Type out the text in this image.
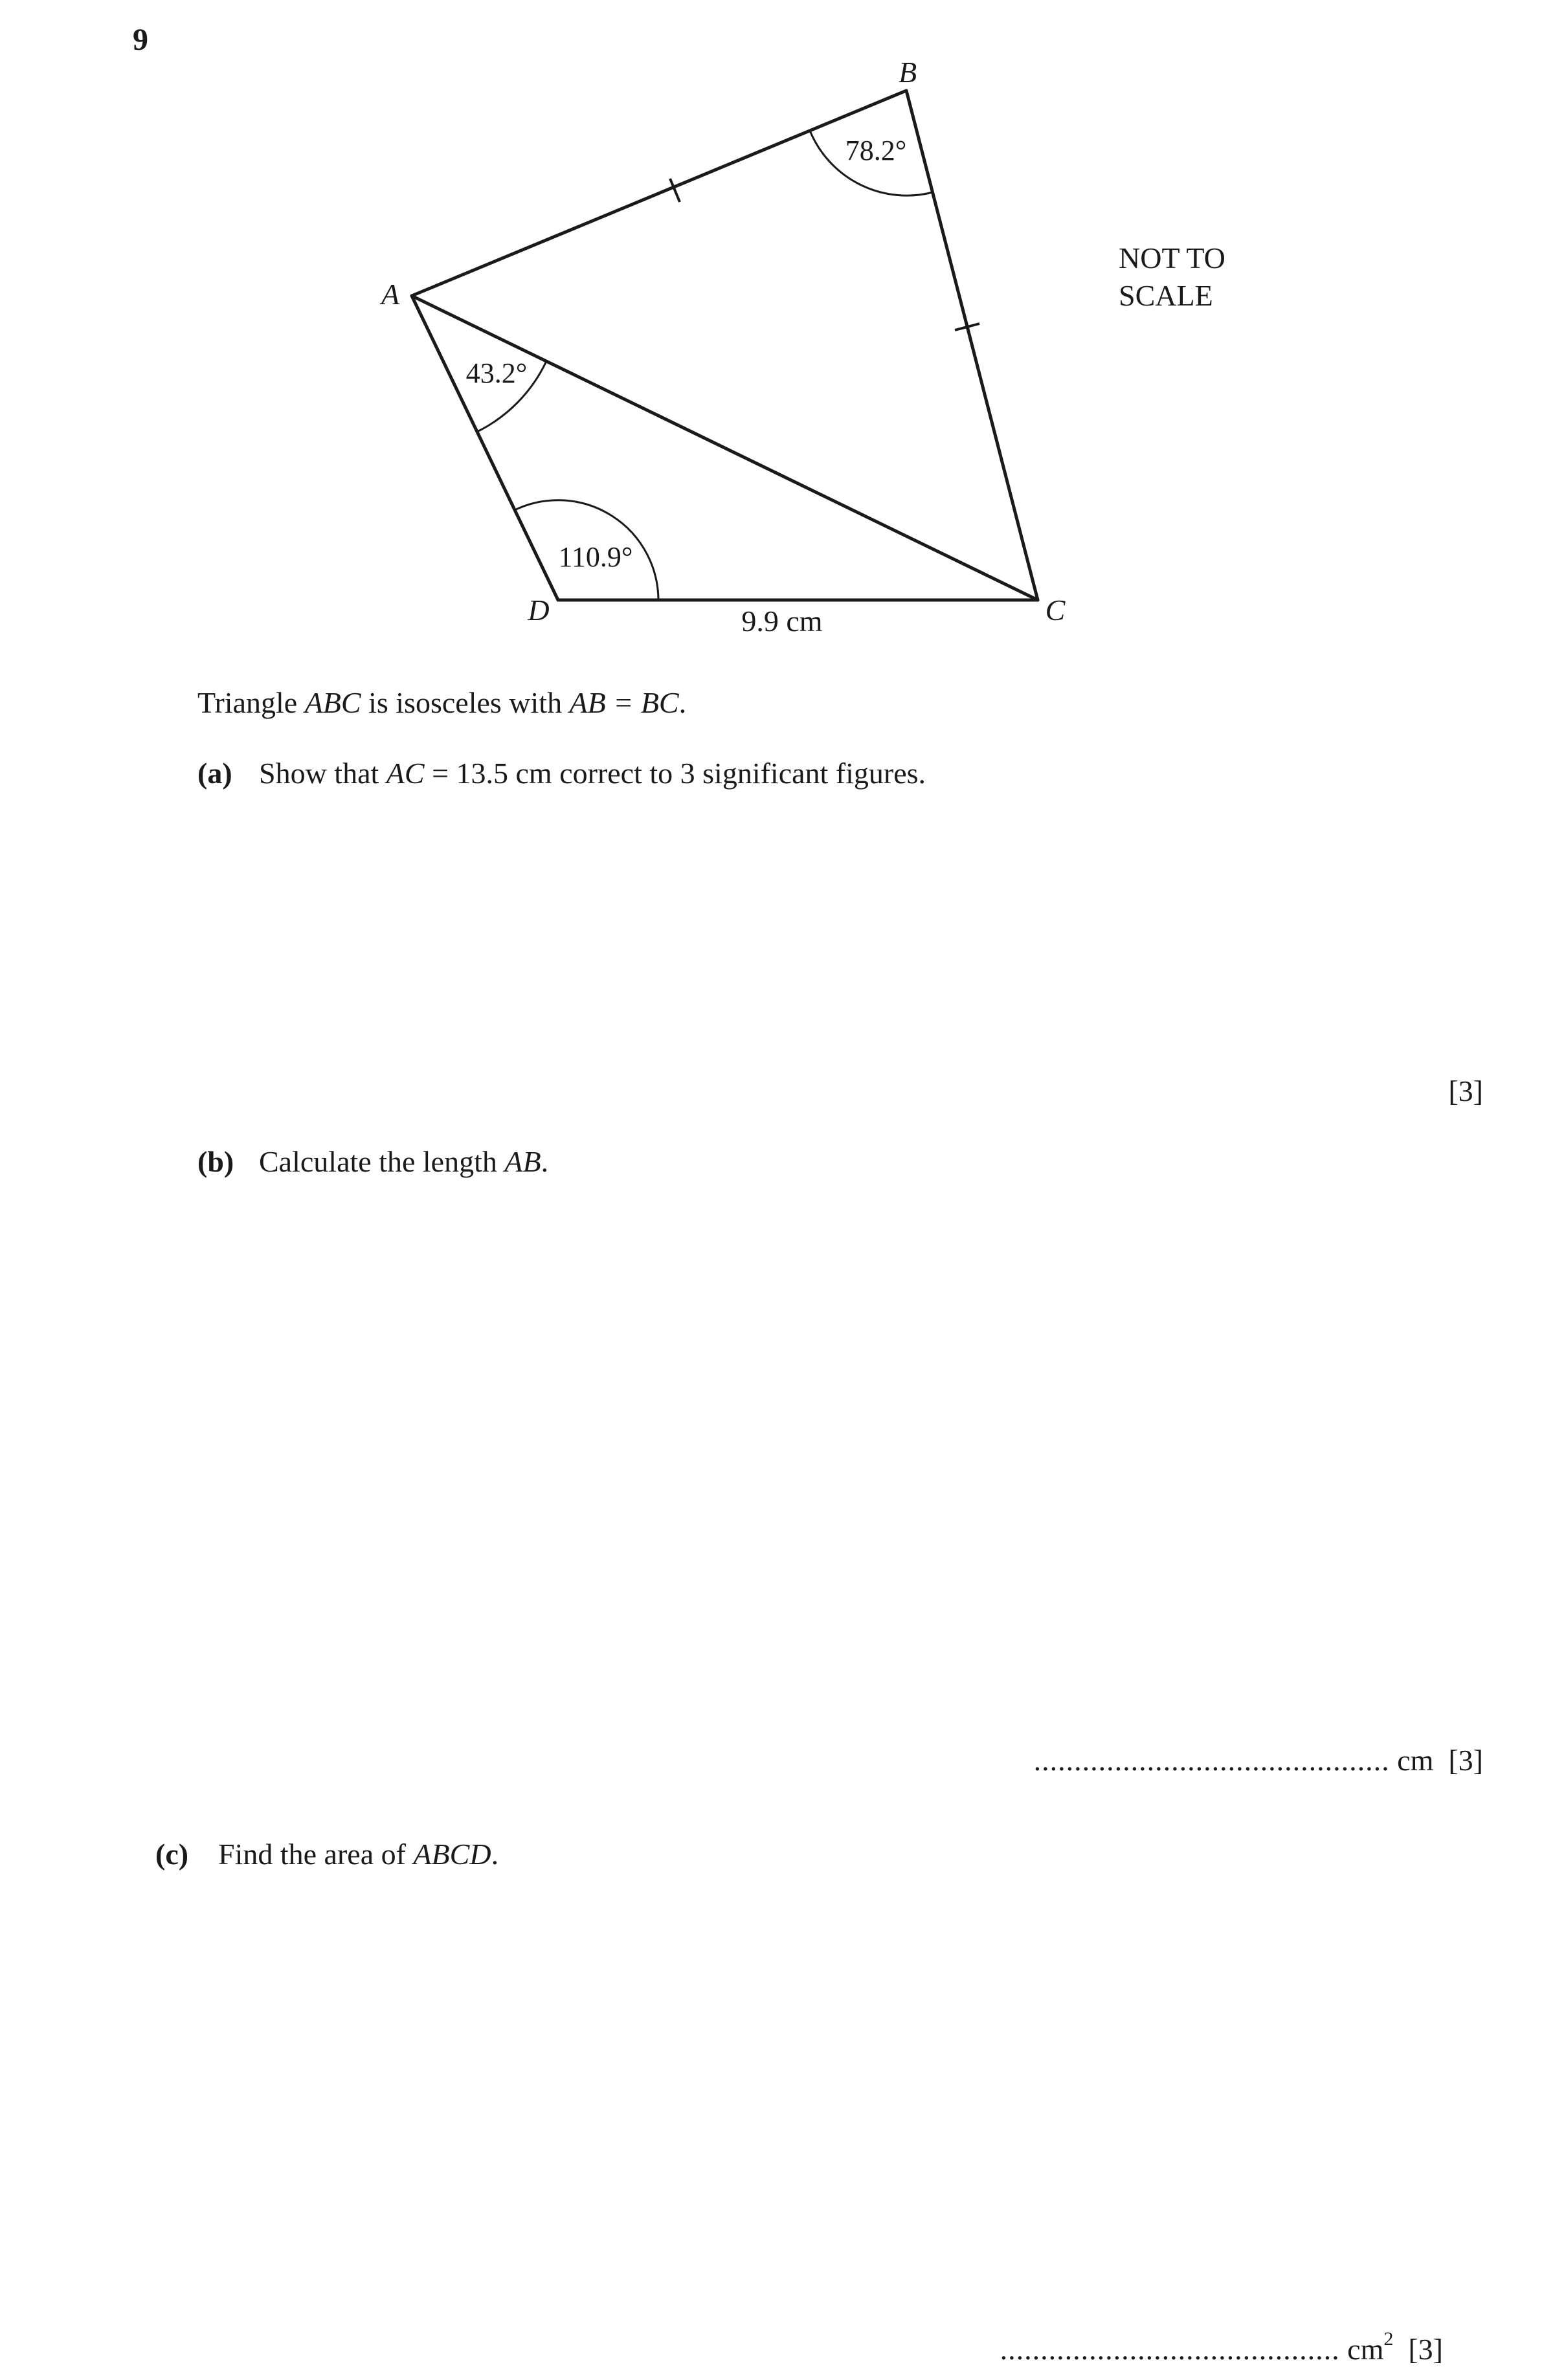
9
B
A
C
D
78.2°
43.2°
110.9°
9.9 cm
NOT TO
SCALE
Triangle ABC is isosceles with AB = BC.
(a) Show that AC = 13.5 cm correct to 3 significant figures.
[3]
(b) Calculate the length AB.
............................................ cm [3]
(c) Find the area of ABCD.
.......................................... $cm^2$ [3]
